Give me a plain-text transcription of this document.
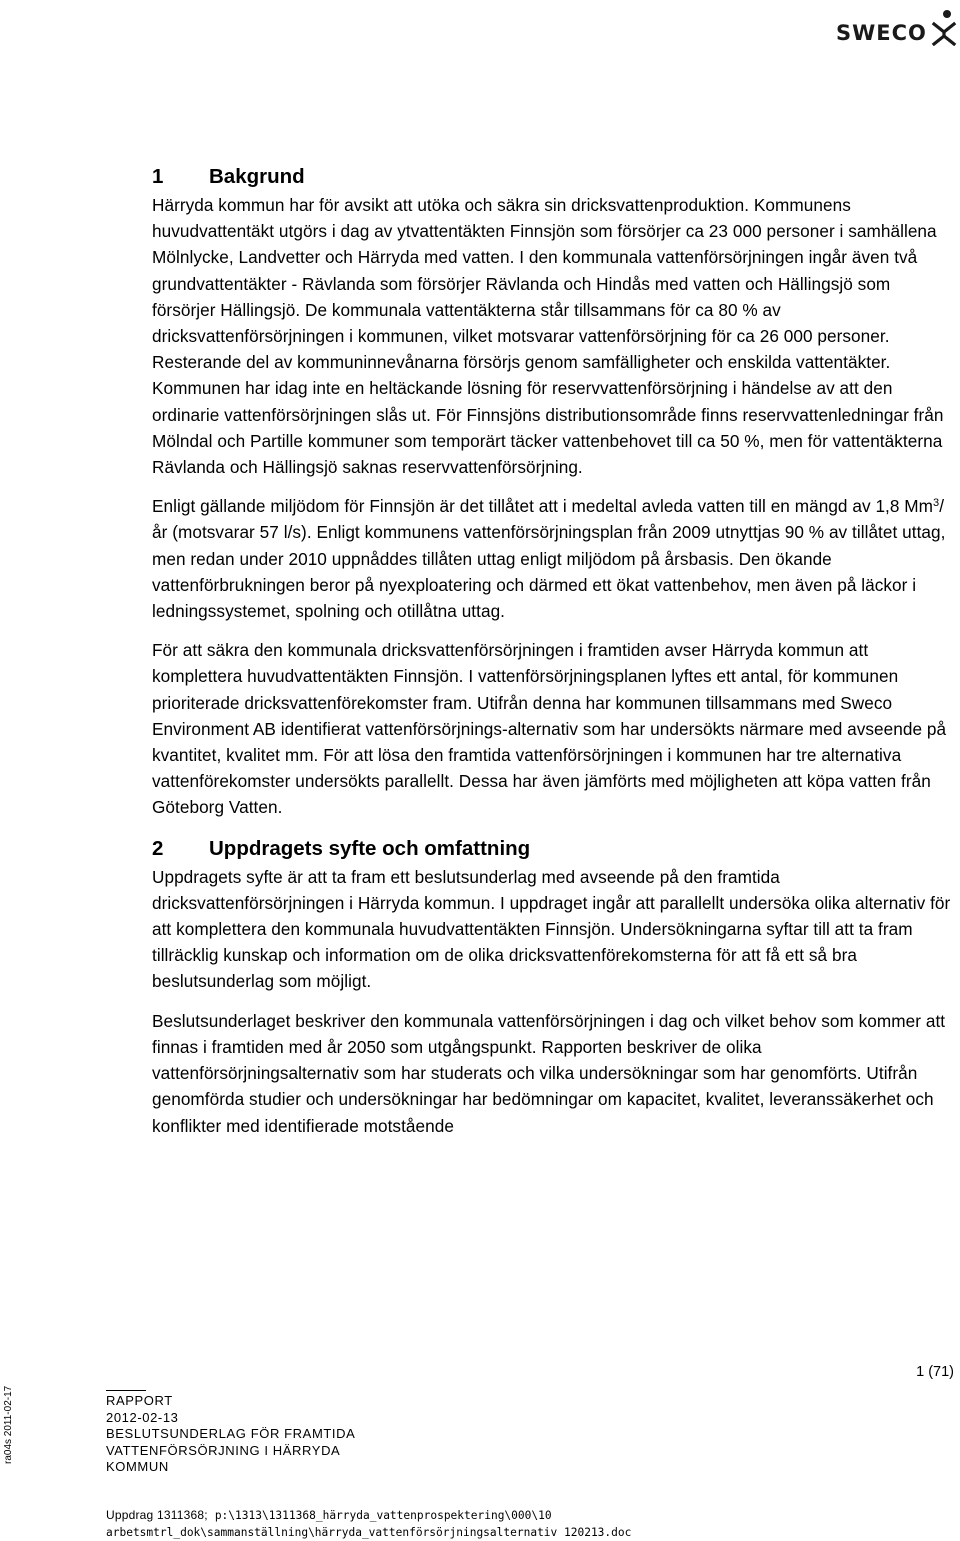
SWECO
1	Bakgrund

Härryda kommun har för avsikt att utöka och säkra sin dricksvattenproduktion. Kommunens huvudvattentäkt utgörs i dag av ytvattentäkten Finnsjön som försörjer ca 23 000 personer i samhällena Mölnlycke, Landvetter och Härryda med vatten. I den kommunala vattenförsörjningen ingår även två grundvattentäkter - Rävlanda som försörjer Rävlanda och Hindås med vatten och Hällingsjö som försörjer Hällingsjö. De kommunala vattentäkterna står tillsammans för ca 80 % av dricksvattenförsörjningen i kommunen, vilket motsvarar vattenförsörjning för ca 26 000 personer. Resterande del av kommuninnevånarna försörjs genom samfälligheter och enskilda vattentäkter. Kommunen har idag inte en heltäckande lösning för reservvattenförsörjning i händelse av att den ordinarie vattenförsörjningen slås ut. För Finnsjöns distributionsområde finns reservvattenledningar från Mölndal och Partille kommuner som temporärt täcker vattenbehovet till ca 50 %, men för vattentäkterna Rävlanda och Hällingsjö saknas reservvattenförsörjning.

Enligt gällande miljödom för Finnsjön är det tillåtet att i medeltal avleda vatten till en mängd av 1,8 Mm$^3$/år (motsvarar 57 l/s). Enligt kommunens vattenförsörjningsplan från 2009 utnyttjas 90 % av tillåtet uttag, men redan under 2010 uppnåddes tillåten uttag enligt miljödom på årsbasis. Den ökande vattenförbrukningen beror på nyexploatering och därmed ett ökat vattenbehov, men även på läckor i ledningssystemet, spolning och otillåtna uttag.

För att säkra den kommunala dricksvattenförsörjningen i framtiden avser Härryda kommun att komplettera huvudvattentäkten Finnsjön. I vattenförsörjningsplanen lyftes ett antal, för kommunen prioriterade dricksvattenförekomster fram. Utifrån denna har kommunen tillsammans med Sweco Environment AB identifierat vattenförsörjnings-alternativ som har undersökts närmare med avseende på kvantitet, kvalitet mm. För att lösa den framtida vattenförsörjningen i kommunen har tre alternativa vattenförekomster undersökts parallellt. Dessa har även jämförts med möjligheten att köpa vatten från Göteborg Vatten.

2	Uppdragets syfte och omfattning

Uppdragets syfte är att ta fram ett beslutsunderlag med avseende på den framtida dricksvattenförsörjningen i Härryda kommun. I uppdraget ingår att parallellt undersöka olika alternativ för att komplettera den kommunala huvudvattentäkten Finnsjön. Undersökningarna syftar till att ta fram tillräcklig kunskap och information om de olika dricksvattenförekomsterna för att få ett så bra beslutsunderlag som möjligt.

Beslutsunderlaget beskriver den kommunala vattenförsörjningen i dag och vilket behov som kommer att finnas i framtiden med år 2050 som utgångspunkt. Rapporten beskriver de olika vattenförsörjningsalternativ som har studerats och vilka undersökningar som har genomförts. Utifrån genomförda studier och undersökningar har bedömningar om kapacitet, kvalitet, leveranssäkerhet och konflikter med identifierade motstående

1 (71)
ra04s 2011-02-17	RAPPORT
2012-02-13
BESLUTSUNDERLAG FÖR FRAMTIDA
VATTENFÖRSÖRJNING I HÄRRYDA
KOMMUN
Uppdrag 1311368; p:\1313\1311368_härryda_vattenprospektering\000\10
arbetsmtrl_dok\sammanställning\härryda_vattenförsörjningsalternativ 120213.doc
